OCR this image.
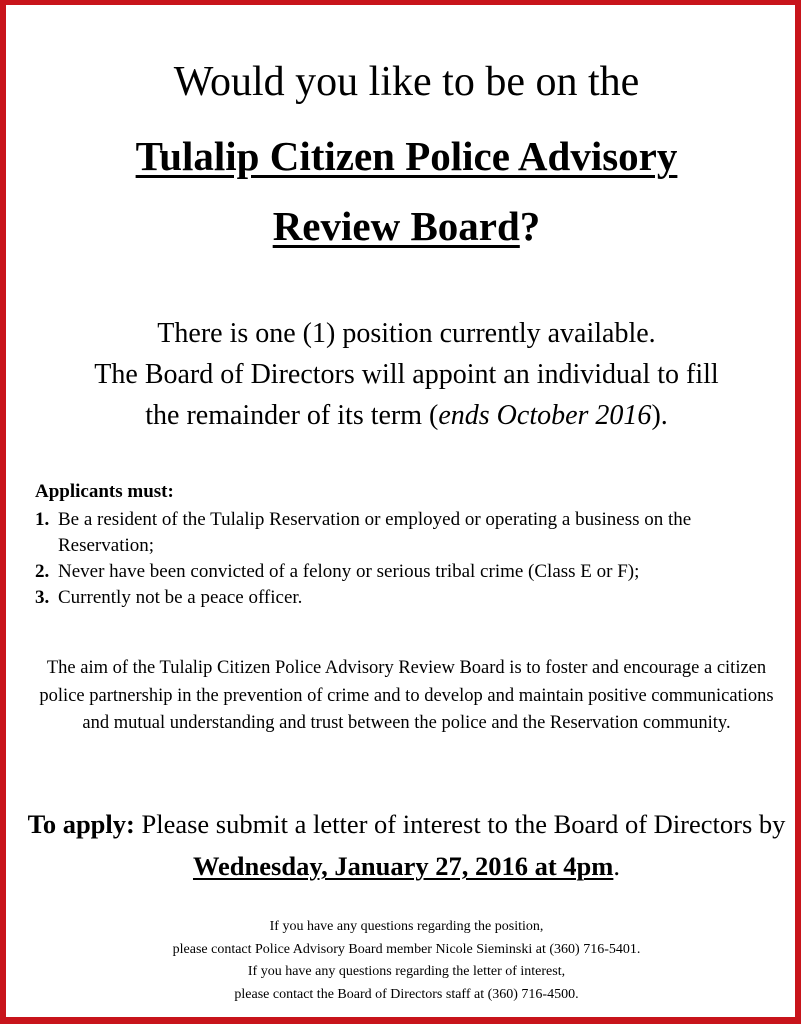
Would you like to be on the
Tulalip Citizen Police Advisory
Review Board?
There is one (1) position currently available.
The Board of Directors will appoint an individual to fill
the remainder of its term (ends October 2016).
Applicants must:
1. Be a resident of the Tulalip Reservation or employed or operating a business on the Reservation;
2. Never have been convicted of a felony or serious tribal crime (Class E or F);
3. Currently not be a peace officer.
The aim of the Tulalip Citizen Police Advisory Review Board is to foster and encourage a citizen police partnership in the prevention of crime and to develop and maintain positive communications and mutual understanding and trust between the police and the Reservation community.
To apply: Please submit a letter of interest to the Board of Directors by Wednesday, January 27, 2016 at 4pm.
If you have any questions regarding the position,
please contact Police Advisory Board member Nicole Sieminski at (360) 716-5401.
If you have any questions regarding the letter of interest,
please contact the Board of Directors staff at (360) 716-4500.
